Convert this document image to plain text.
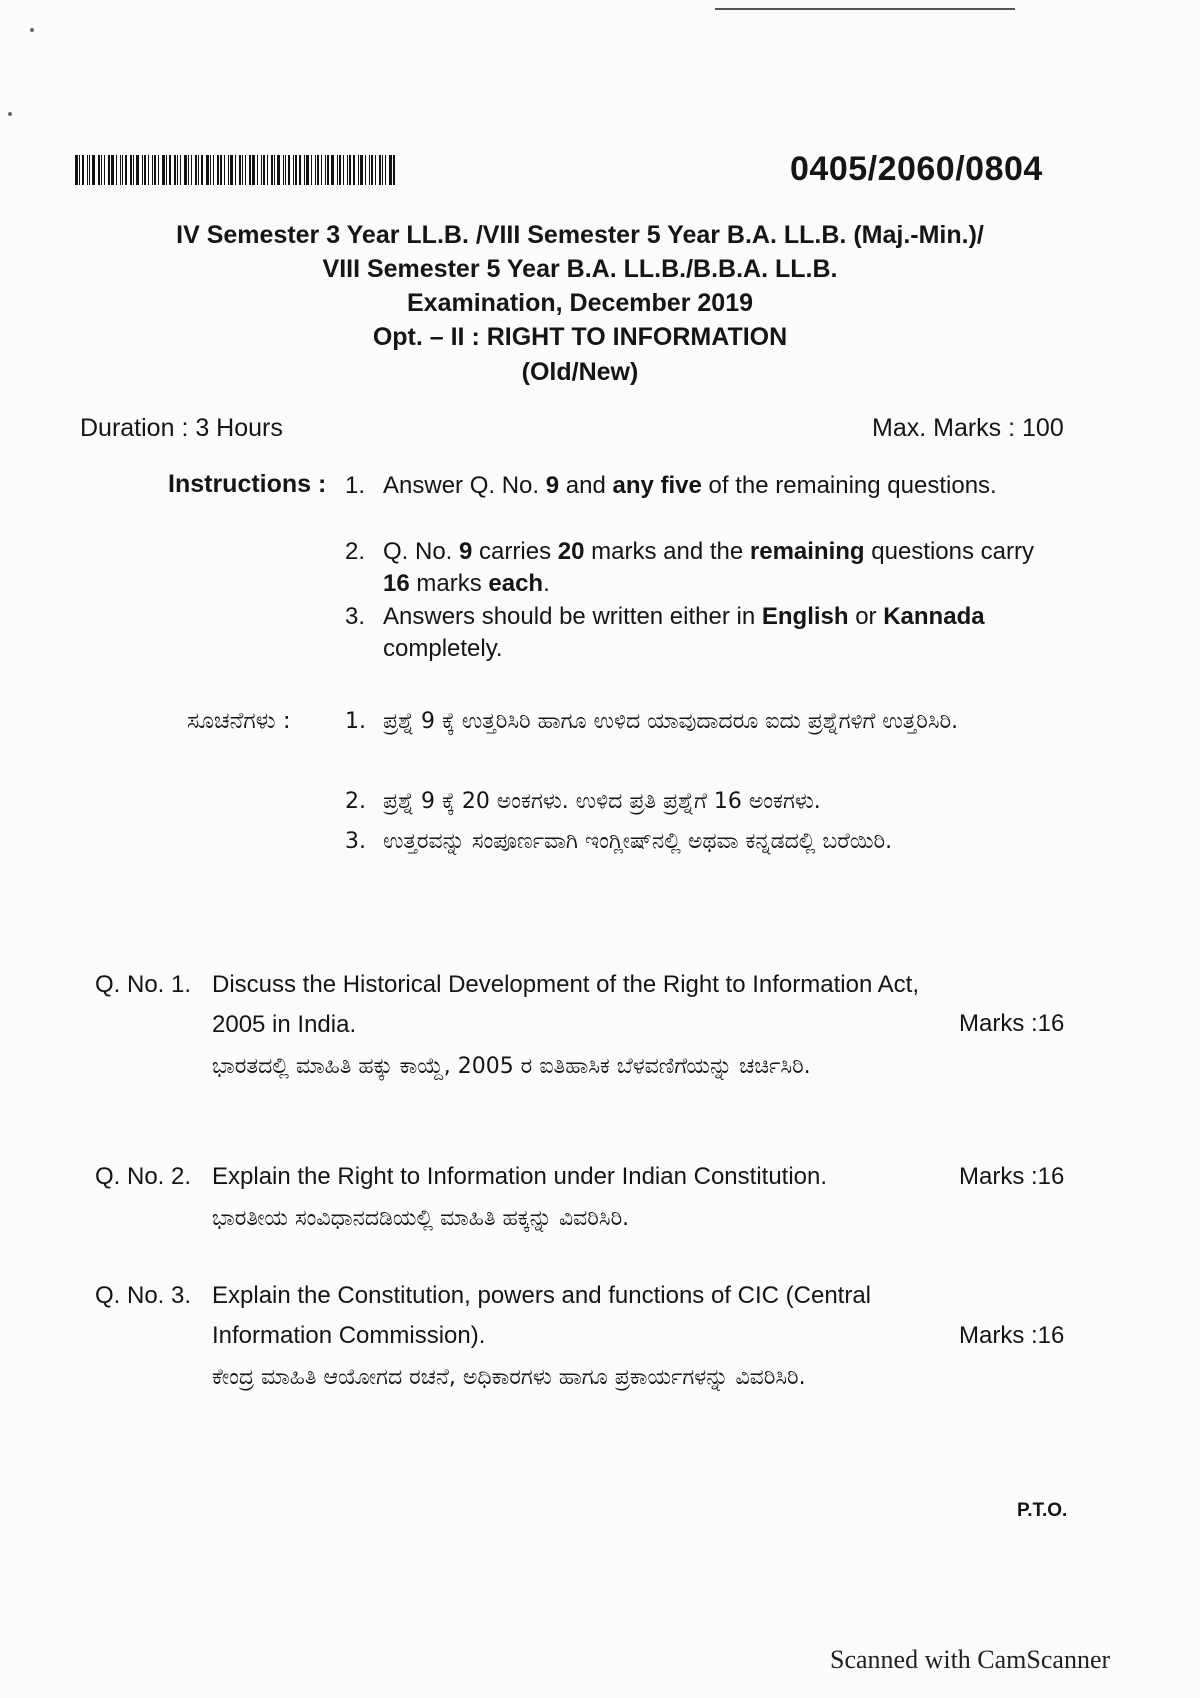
0405/2060/0804
IV Semester 3 Year LL.B. /VIII Semester 5 Year B.A. LL.B. (Maj.-Min.)/
VIII Semester 5 Year B.A. LL.B./B.B.A. LL.B.
Examination, December 2019
Opt. – II : RIGHT TO INFORMATION
(Old/New)
Duration : 3 Hours	Max. Marks : 100
Instructions : 1. Answer Q. No. 9 and any five of the remaining questions.
2. Q. No. 9 carries 20 marks and the remaining questions carry 16 marks each.
3. Answers should be written either in English or Kannada completely.
ಸೂಚನೆಗಳು : 1. ಪ್ರಶ್ನೆ 9 ಕ್ಕೆ ಉತ್ತರಿಸಿರಿ ಹಾಗೂ ಉಳಿದ ಯಾವುದಾದರೂ ಐದು ಪ್ರಶ್ನೆಗಳಿಗೆ ಉತ್ತರಿಸಿರಿ.
2. ಪ್ರಶ್ನೆ 9 ಕ್ಕೆ 20 ಅಂಕಗಳು. ಉಳಿದ ಪ್ರತಿ ಪ್ರಶ್ನೆಗೆ 16 ಅಂಕಗಳು.
3. ಉತ್ತರವನ್ನು ಸಂಪೂರ್ಣವಾಗಿ ಇಂಗ್ಲೀಷ್‌ನಲ್ಲಿ ಅಥವಾ ಕನ್ನಡದಲ್ಲಿ ಬರೆಯಿರಿ.
Q. No. 1. Discuss the Historical Development of the Right to Information Act, 2005 in India.
ಭಾರತದಲ್ಲಿ ಮಾಹಿತಿ ಹಕ್ಕು ಕಾಯ್ದೆ, 2005 ರ ಐತಿಹಾಸಿಕ ಬೆಳವಣಿಗೆಯನ್ನು ಚರ್ಚಿಸಿರಿ.
Marks :16
Q. No. 2. Explain the Right to Information under Indian Constitution.
ಭಾರತೀಯ ಸಂವಿಧಾನದಡಿಯಲ್ಲಿ ಮಾಹಿತಿ ಹಕ್ಕನ್ನು ವಿವರಿಸಿರಿ.
Marks :16
Q. No. 3. Explain the Constitution, powers and functions of CIC (Central Information Commission).
ಕೇಂದ್ರ ಮಾಹಿತಿ ಆಯೋಗದ ರಚನೆ, ಅಧಿಕಾರಗಳು ಹಾಗೂ ಪ್ರಕಾರ್ಯಗಳನ್ನು ವಿವರಿಸಿರಿ.
Marks :16
P.T.O.
Scanned with CamScanner
